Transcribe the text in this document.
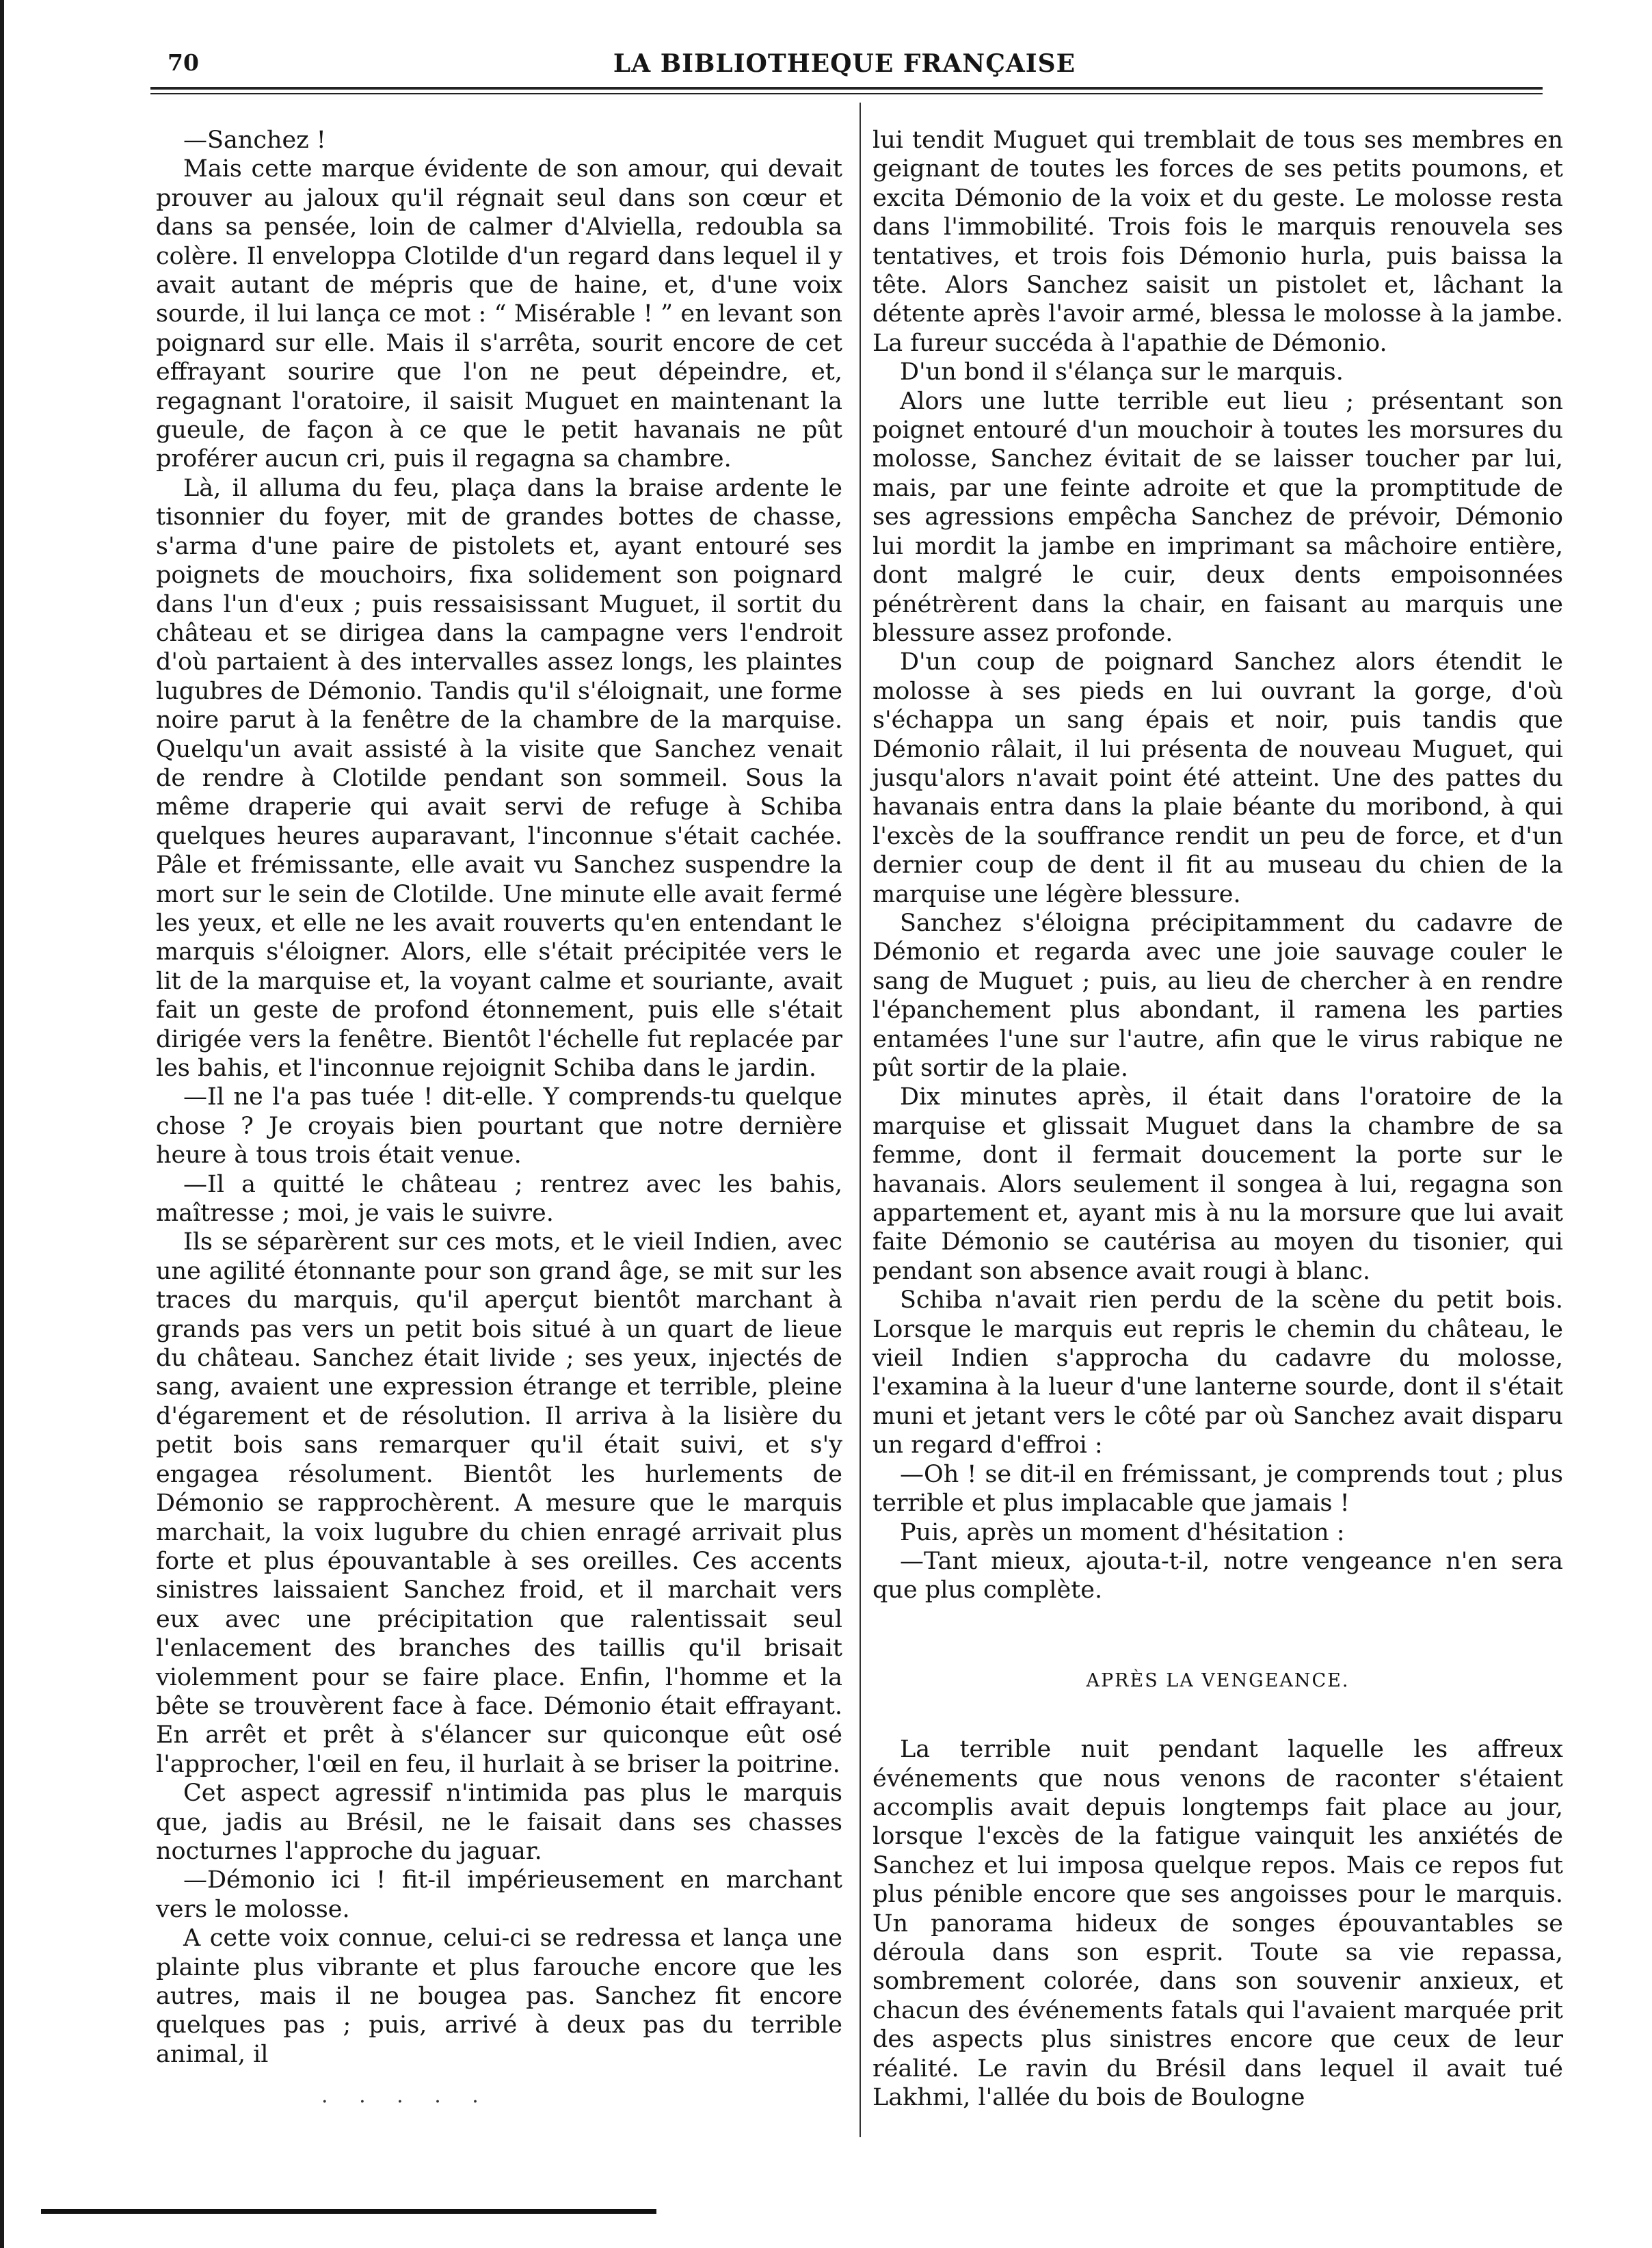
70	LA BIBLIOTHEQUE FRANÇAISE

—Sanchez !

Mais cette marque évidente de son amour, qui devait prouver au jaloux qu'il régnait seul dans son cœur et dans sa pensée, loin de calmer d'Alviella, redoubla sa colère. Il enveloppa Clotilde d'un regard dans lequel il y avait autant de mépris que de haine, et, d'une voix sourde, il lui lança ce mot : “ Misérable ! ” en levant son poignard sur elle. Mais il s'arrêta, sourit encore de cet effrayant sourire que l'on ne peut dépeindre, et, regagnant l'oratoire, il saisit Muguet en maintenant la gueule, de façon à ce que le petit havanais ne pût proférer aucun cri, puis il regagna sa chambre.

Là, il alluma du feu, plaça dans la braise ardente le tisonnier du foyer, mit de grandes bottes de chasse, s'arma d'une paire de pistolets et, ayant entouré ses poignets de mouchoirs, fixa solidement son poignard dans l'un d'eux ; puis ressaisissant Muguet, il sortit du château et se dirigea dans la campagne vers l'endroit d'où partaient à des intervalles assez longs, les plaintes lugubres de Démonio. Tandis qu'il s'éloignait, une forme noire parut à la fenêtre de la chambre de la marquise. Quelqu'un avait assisté à la visite que Sanchez venait de rendre à Clotilde pendant son sommeil. Sous la même draperie qui avait servi de refuge à Schiba quelques heures auparavant, l'inconnue s'était cachée. Pâle et frémissante, elle avait vu Sanchez suspendre la mort sur le sein de Clotilde. Une minute elle avait fermé les yeux, et elle ne les avait rouverts qu'en entendant le marquis s'éloigner. Alors, elle s'était précipitée vers le lit de la marquise et, la voyant calme et souriante, avait fait un geste de profond étonnement, puis elle s'était dirigée vers la fenêtre. Bientôt l'échelle fut replacée par les bahis, et l'inconnue rejoignit Schiba dans le jardin.

—Il ne l'a pas tuée ! dit-elle. Y comprends-tu quelque chose ? Je croyais bien pourtant que notre dernière heure à tous trois était venue.

—Il a quitté le château ; rentrez avec les bahis, maîtresse ; moi, je vais le suivre.

Ils se séparèrent sur ces mots, et le vieil Indien, avec une agilité étonnante pour son grand âge, se mit sur les traces du marquis, qu'il aperçut bientôt marchant à grands pas vers un petit bois situé à un quart de lieue du château. Sanchez était livide ; ses yeux, injectés de sang, avaient une expression étrange et terrible, pleine d'égarement et de résolution. Il arriva à la lisière du petit bois sans remarquer qu'il était suivi, et s'y engagea résolument. Bientôt les hurlements de Démonio se rapprochèrent. A mesure que le marquis marchait, la voix lugubre du chien enragé arrivait plus forte et plus épouvantable à ses oreilles. Ces accents sinistres laissaient Sanchez froid, et il marchait vers eux avec une précipitation que ralentissait seul l'enlacement des branches des taillis qu'il brisait violemment pour se faire place. Enfin, l'homme et la bête se trouvèrent face à face. Démonio était effrayant. En arrêt et prêt à s'élancer sur quiconque eût osé l'approcher, l'œil en feu, il hurlait à se briser la poitrine.

Cet aspect agressif n'intimida pas plus le marquis que, jadis au Brésil, ne le faisait dans ses chasses nocturnes l'approche du jaguar.

—Démonio ici ! fit-il impérieusement en marchant vers le molosse.

A cette voix connue, celui-ci se redressa et lança une plainte plus vibrante et plus farouche encore que les autres, mais il ne bougea pas. Sanchez fit encore quelques pas ; puis, arrivé à deux pas du terrible animal, il

lui tendit Muguet qui tremblait de tous ses membres en geignant de toutes les forces de ses petits poumons, et excita Démonio de la voix et du geste. Le molosse resta dans l'immobilité. Trois fois le marquis renouvela ses tentatives, et trois fois Démonio hurla, puis baissa la tête. Alors Sanchez saisit un pistolet et, lâchant la détente après l'avoir armé, blessa le molosse à la jambe. La fureur succéda à l'apathie de Démonio.

D'un bond il s'élança sur le marquis.

Alors une lutte terrible eut lieu ; présentant son poignet entouré d'un mouchoir à toutes les morsures du molosse, Sanchez évitait de se laisser toucher par lui, mais, par une feinte adroite et que la promptitude de ses agressions empêcha Sanchez de prévoir, Démonio lui mordit la jambe en imprimant sa mâchoire entière, dont malgré le cuir, deux dents empoisonnées pénétrèrent dans la chair, en faisant au marquis une blessure assez profonde.

D'un coup de poignard Sanchez alors étendit le molosse à ses pieds en lui ouvrant la gorge, d'où s'échappa un sang épais et noir, puis tandis que Démonio râlait, il lui présenta de nouveau Muguet, qui jusqu'alors n'avait point été atteint. Une des pattes du havanais entra dans la plaie béante du moribond, à qui l'excès de la souffrance rendit un peu de force, et d'un dernier coup de dent il fit au museau du chien de la marquise une légère blessure.

Sanchez s'éloigna précipitamment du cadavre de Démonio et regarda avec une joie sauvage couler le sang de Muguet ; puis, au lieu de chercher à en rendre l'épanchement plus abondant, il ramena les parties entamées l'une sur l'autre, afin que le virus rabique ne pût sortir de la plaie.

Dix minutes après, il était dans l'oratoire de la marquise et glissait Muguet dans la chambre de sa femme, dont il fermait doucement la porte sur le havanais. Alors seulement il songea à lui, regagna son appartement et, ayant mis à nu la morsure que lui avait faite Démonio se cautérisa au moyen du tisonier, qui pendant son absence avait rougi à blanc.

Schiba n'avait rien perdu de la scène du petit bois. Lorsque le marquis eut repris le chemin du château, le vieil Indien s'approcha du cadavre du molosse, l'examina à la lueur d'une lanterne sourde, dont il s'était muni et jetant vers le côté par où Sanchez avait disparu un regard d'effroi :

—Oh ! se dit-il en frémissant, je comprends tout ; plus terrible et plus implacable que jamais !

Puis, après un moment d'hésitation :

—Tant mieux, ajouta-t-il, notre vengeance n'en sera que plus complète.

APRÈS LA VENGEANCE.

La terrible nuit pendant laquelle les affreux événements que nous venons de raconter s'étaient accomplis avait depuis longtemps fait place au jour, lorsque l'excès de la fatigue vainquit les anxiétés de Sanchez et lui imposa quelque repos. Mais ce repos fut plus pénible encore que ses angoisses pour le marquis. Un panorama hideux de songes épouvantables se déroula dans son esprit. Toute sa vie repassa, sombrement colorée, dans son souvenir anxieux, et chacun des événements fatals qui l'avaient marquée prit des aspects plus sinistres encore que ceux de leur réalité. Le ravin du Brésil dans lequel il avait tué Lakhmi, l'allée du bois de Boulogne

. . . . .
